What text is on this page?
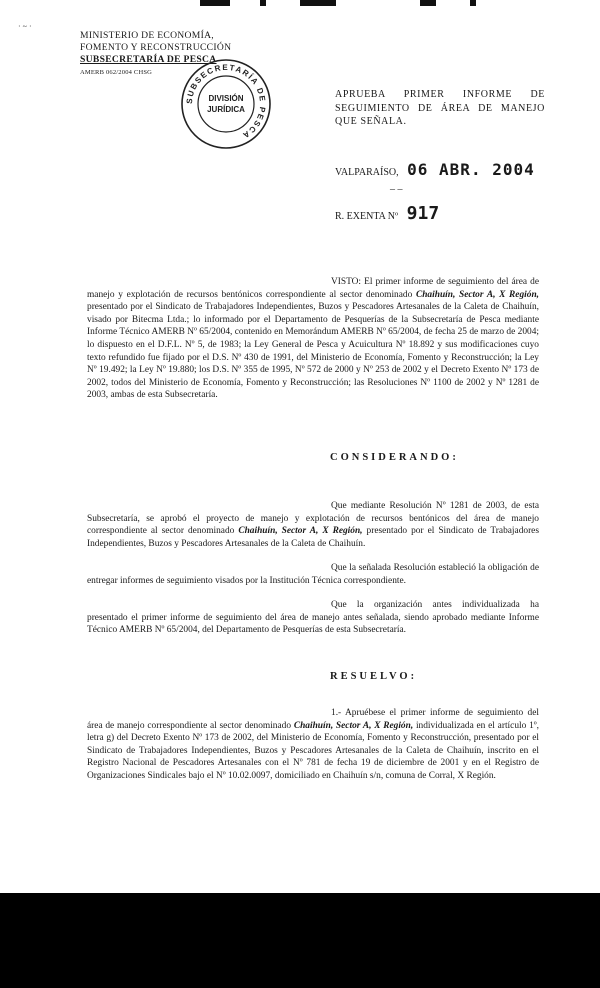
· ~ ·
MINISTERIO DE ECONOMÍA,
FOMENTO Y RECONSTRUCCIÓN
SUBSECRETARÍA DE PESCA
AMERB 062/2004 CHSG
SUBSECRETARÍA DE PESCA
DIVISIÓN
JURÍDICA
APRUEBA PRIMER INFORME DE SEGUIMIENTO DE ÁREA DE MANEJO QUE SEÑALA.
VALPARAÍSO, 06 ABR. 2004
_ _
R. EXENTA Nº 917
VISTO: El primer informe de seguimiento del área de manejo y explotación de recursos bentónicos correspondiente al sector denominado Chaihuín, Sector A, X Región, presentado por el Sindicato de Trabajadores Independientes, Buzos y Pescadores Artesanales de la Caleta de Chaihuín, visado por Bitecma Ltda.; lo informado por el Departamento de Pesquerías de la Subsecretaría de Pesca mediante Informe Técnico AMERB Nº 65/2004, contenido en Memorándum AMERB Nº 65/2004, de fecha 25 de marzo de 2004; lo dispuesto en el D.F.L. Nº 5, de 1983; la Ley General de Pesca y Acuicultura Nº 18.892 y sus modificaciones cuyo texto refundido fue fijado por el D.S. Nº 430 de 1991, del Ministerio de Economía, Fomento y Reconstrucción; la Ley Nº 19.492; la Ley Nº 19.880; los D.S. Nº 355 de 1995, Nº 572 de 2000 y Nº 253 de 2002 y el Decreto Exento Nº 173 de 2002, todos del Ministerio de Economía, Fomento y Reconstrucción; las Resoluciones Nº 1100 de 2002 y Nº 1281 de 2003, ambas de esta Subsecretaría.
CONSIDERANDO:
Que mediante Resolución Nº 1281 de 2003, de esta Subsecretaría, se aprobó el proyecto de manejo y explotación de recursos bentónicos del área de manejo correspondiente al sector denominado Chaihuín, Sector A, X Región, presentado por el Sindicato de Trabajadores Independientes, Buzos y Pescadores Artesanales de la Caleta de Chaihuín.
Que la señalada Resolución estableció la obligación de entregar informes de seguimiento visados por la Institución Técnica correspondiente.
Que la organización antes individualizada ha presentado el primer informe de seguimiento del área de manejo antes señalada, siendo aprobado mediante Informe Técnico AMERB Nº 65/2004, del Departamento de Pesquerías de esta Subsecretaría.
RESUELVO:
1.- Apruébese el primer informe de seguimiento del área de manejo correspondiente al sector denominado Chaihuín, Sector A, X Región, individualizada en el artículo 1º, letra g) del Decreto Exento Nº 173 de 2002, del Ministerio de Economía, Fomento y Reconstrucción, presentado por el Sindicato de Trabajadores Independientes, Buzos y Pescadores Artesanales de la Caleta de Chaihuín, inscrito en el Registro Nacional de Pescadores Artesanales con el Nº 781 de fecha 19 de diciembre de 2001 y en el Registro de Organizaciones Sindicales bajo el Nº 10.02.0097, domiciliado en Chaihuín s/n, comuna de Corral, X Región.
